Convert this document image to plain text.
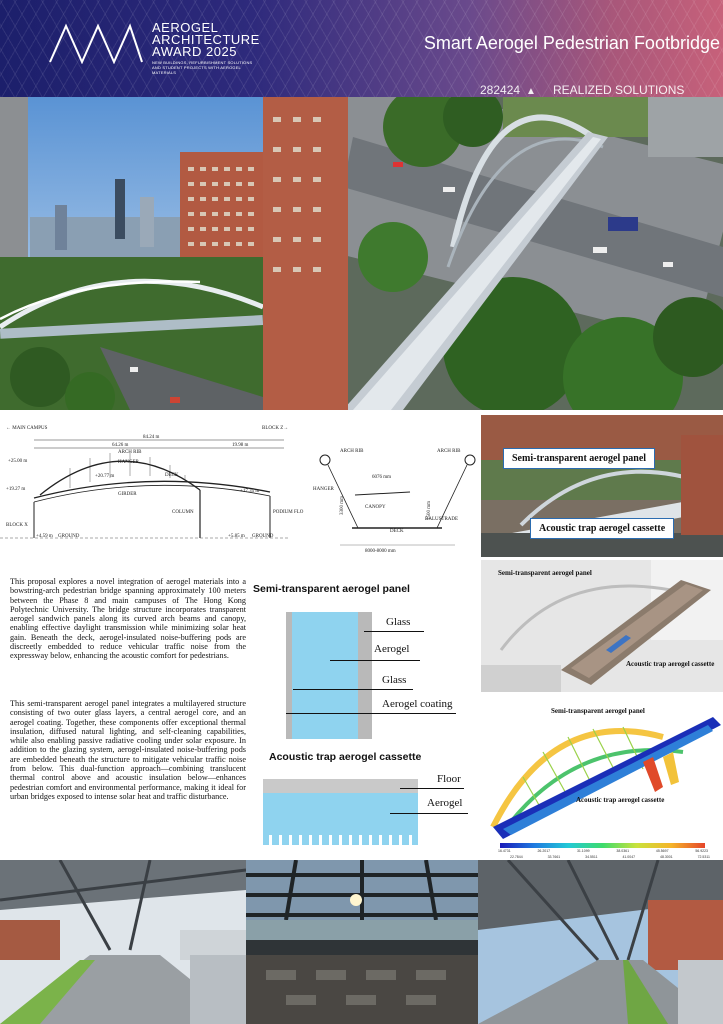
AEROGEL
ARCHITECTURE
AWARD 2025
NEW BUILDINGS, REFURBISHMENT SOLUTIONS AND STUDENT PROJECTS WITH AEROGEL MATERIALS
Smart Aerogel Pedestrian Footbridge
282424 ▲	REALIZED SOLUTIONS
← MAIN CAMPUS	BLOCK Z→
84.24 m
64.26 m	19.98 m
ARCH RIB
HANGER
DECK
GIRDER
COLUMN	PODIUM FLO
BLOCK X
+25.00 m
+19.27 m
+20.77 m
+17.35 m
+4.59 m GROUND	+5.85 m GROUND
ARCH RIB	ARCH RIB
HANGER
6076 mm
CANOPY
DECK
BALUSTRADE
8000-8000 mm
3300 mm	1500 mm

This proposal explores a novel integration of aerogel materials into a bowstring-arch pedestrian bridge spanning approximately 100 meters between the Phase 8 and main campuses of The Hong Kong Polytechnic University. The bridge structure incorporates transparent aerogel sandwich panels along its curved arch beams and canopy, enabling effective daylight transmission while minimizing solar heat gain. Beneath the deck, aerogel-insulated noise-buffering pods are discreetly embedded to reduce vehicular traffic noise from the expressway below, enhancing the acoustic comfort for pedestrians.

This semi-transparent aerogel panel integrates a multilayered structure consisting of two outer glass layers, a central aerogel core, and an aerogel coating. Together, these components offer exceptional thermal insulation, diffused natural lighting, and self-cleaning capabilities, while also enabling passive radiative cooling under solar exposure. In addition to the glazing system, aerogel-insulated noise-buffering pods are embedded beneath the structure to mitigate vehicular traffic noise from below. This dual-function approach—combining translucent thermal control above and acoustic insulation below—enhances pedestrian comfort and environmental performance, making it ideal for urban bridges exposed to intense solar heat and traffic disturbance.

Semi-transparent aerogel panel
Glass
Aerogel
Glass
Aerogel coating
Acoustic trap aerogel cassette
Floor
Aerogel
Semi-transparent aerogel panel
Acoustic trap aerogel cassette
Semi-transparent aerogel panel
Acoustic trap aerogel cassette
Semi-transparent aerogel panel
Acoustic trap aerogel cassette
16.4731	26.2017	31.1099	38.0361	45.5697	56.9223
22.7844	33.7661	34.5511	41.0047	48.3001	72.5311
